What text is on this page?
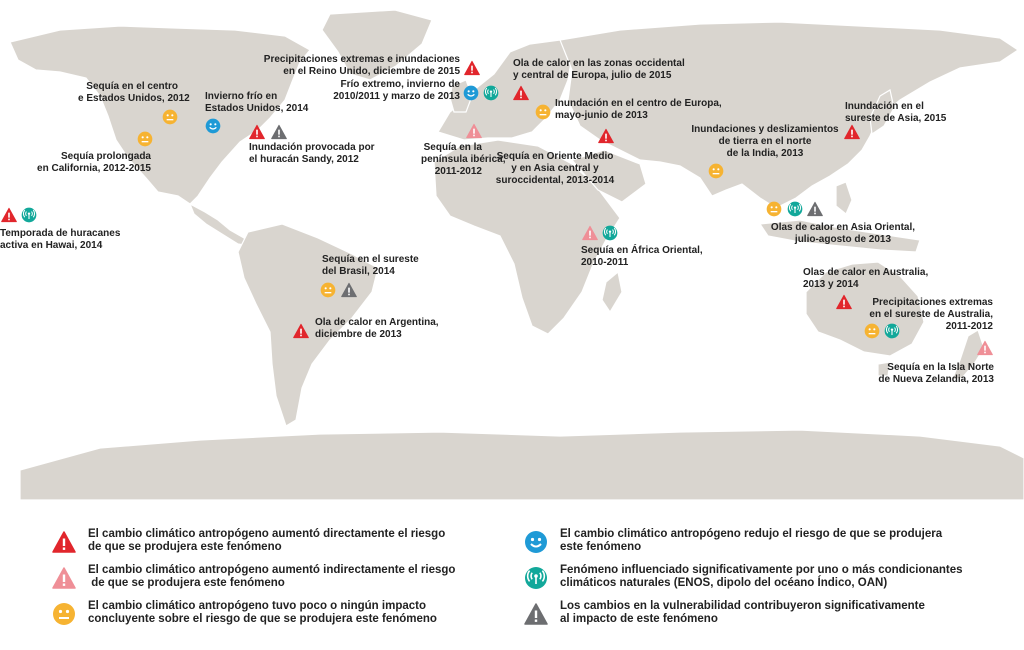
Sequía en el centro
e Estados Unidos,
Sequía prolongada
en California, 2012-2015
Invierno frío en
Estados Unidos, 2014
Inundación provocada por
el huracán Sandy, 2012
Temporada de huracanes
activa en Hawai, 2014
Precipitaciones extremas e inundaciones
en el Reino Unido, diciembre de 2015
Frío extremo, invierno de
2010/2011 y marzo de 2013
Ola de calor en las zonas occidental
y central de Europa, julio de 2015
Inundación en el centro de Europa,
mayo-junio de 2013
Sequía en la
península
2011-2012
Sequía en Oriente Medio
y en Asia central y
suroccidental, 2013-2014
Inundaciones y deslizamientos
de tierra en el norte
de la India, 2013
Inundación en el
sureste de Asia, 2015
Olas de calor en Asia Oriental,
julio-agosto de 2013
Sequía en África Oriental,
2010-2011
Sequía en el sureste
del Brasil, 2014
Ola de calor en Argentina,
diciembre de 2013
Olas de calor en Australia,
2013 y 2014
Precipitaciones extremas
en el sureste de Australia,
2011-2012
Sequía en la Isla Norte
de Nueva Zelandia, 2013
El cambio climático antropógeno aumentó directamente el riesgo
de que se produjera este fenómeno
El cambio climático antropógeno aumentó indirectamente el riesgo
de que se produjera este fenómeno
El cambio climático antropógeno tuvo poco o ningún impacto
concluyente sobre el riesgo de que se produjera este fenómeno
El cambio climático antropógeno redujo el riesgo de que se produjera
este fenómeno
Fenómeno influenciado significativamente por uno o más condicionantes
climáticos naturales (ENOS, dipolo del océano Índico, OAN)
Los cambios en la vulnerabilidad contribuyeron significativamente
al impacto de este fenómeno
